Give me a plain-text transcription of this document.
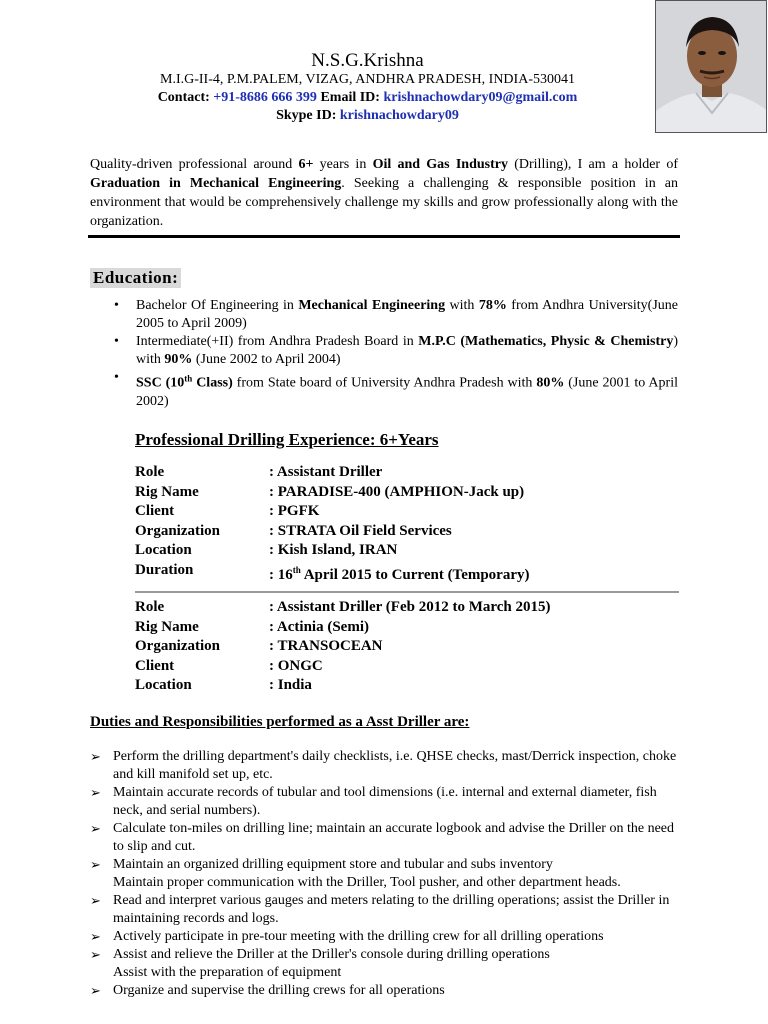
N.S.G.Krishna
M.I.G-II-4, P.M.PALEM, VIZAG, ANDHRA PRADESH, INDIA-530041
Contact: +91-8686 666 399 Email ID: krishnachowdary09@gmail.com
Skype ID: krishnachowdary09
Quality-driven professional around 6+ years in Oil and Gas Industry (Drilling), I am a holder of Graduation in Mechanical Engineering. Seeking a challenging & responsible position in an environment that would be comprehensively challenge my skills and grow professionally along with the organization.
Education:
• Bachelor Of Engineering in Mechanical Engineering with 78% from Andhra University(June 2005 to April 2009)
• Intermediate(+II) from Andhra Pradesh Board in M.P.C (Mathematics, Physic & Chemistry) with 90% (June 2002 to April 2004)
• SSC (10th Class) from State board of University Andhra Pradesh with 80% (June 2001 to April 2002)
Professional Drilling Experience: 6+Years
Role	: Assistant Driller
Rig Name	: PARADISE-400 (AMPHION-Jack up)
Client	: PGFK
Organization	: STRATA Oil Field Services
Location	: Kish Island, IRAN
Duration	: 16th April 2015 to Current (Temporary)
Role	: Assistant Driller (Feb 2012 to March 2015)
Rig Name	: Actinia (Semi)
Organization	: TRANSOCEAN
Client	: ONGC
Location	: India
Duties and Responsibilities performed as a Asst Driller are:
➢ Perform the drilling department's daily checklists, i.e. QHSE checks, mast/Derrick inspection, choke and kill manifold set up, etc.
➢ Maintain accurate records of tubular and tool dimensions (i.e. internal and external diameter, fish neck, and serial numbers).
➢ Calculate ton-miles on drilling line; maintain an accurate logbook and advise the Driller on the need to slip and cut.
➢ Maintain an organized drilling equipment store and tubular and subs inventory
Maintain proper communication with the Driller, Tool pusher, and other department heads.
➢ Read and interpret various gauges and meters relating to the drilling operations; assist the Driller in maintaining records and logs.
➢ Actively participate in pre-tour meeting with the drilling crew for all drilling operations
➢ Assist and relieve the Driller at the Driller's console during drilling operations
Assist with the preparation of equipment
➢ Organize and supervise the drilling crews for all operations
